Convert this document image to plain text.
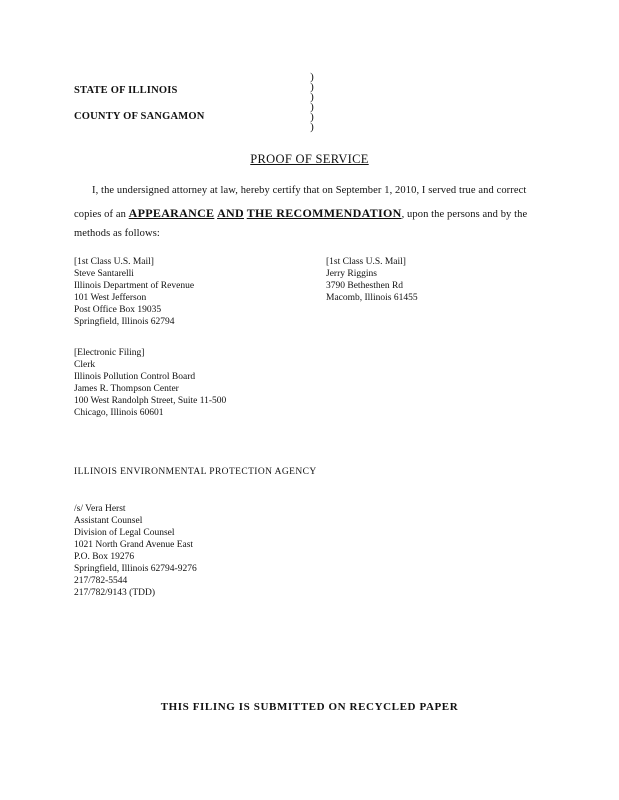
STATE OF ILLINOIS
COUNTY OF SANGAMON
)
)
)
)
)
)
PROOF OF SERVICE
I, the undersigned attorney at law, hereby certify that on September 1, 2010, I served true and correct
copies of an APPEARANCE AND THE RECOMMENDATION, upon the persons and by the
methods as follows:
[1st Class U.S. Mail]
Steve Santarelli
Illinois Department of Revenue
101 West Jefferson
Post Office Box 19035
Springfield, Illinois 62794
[1st Class U.S. Mail]
Jerry Riggins
3790 Bethesthen Rd
Macomb, Illinois 61455
[Electronic Filing]
Clerk
Illinois Pollution Control Board
James R. Thompson Center
100 West Randolph Street, Suite 11-500
Chicago, Illinois 60601
ILLINOIS ENVIRONMENTAL PROTECTION AGENCY
/s/ Vera Herst
Assistant Counsel
Division of Legal Counsel
1021 North Grand Avenue East
P.O. Box 19276
Springfield, Illinois 62794-9276
217/782-5544
217/782/9143 (TDD)
THIS FILING IS SUBMITTED ON RECYCLED PAPER
